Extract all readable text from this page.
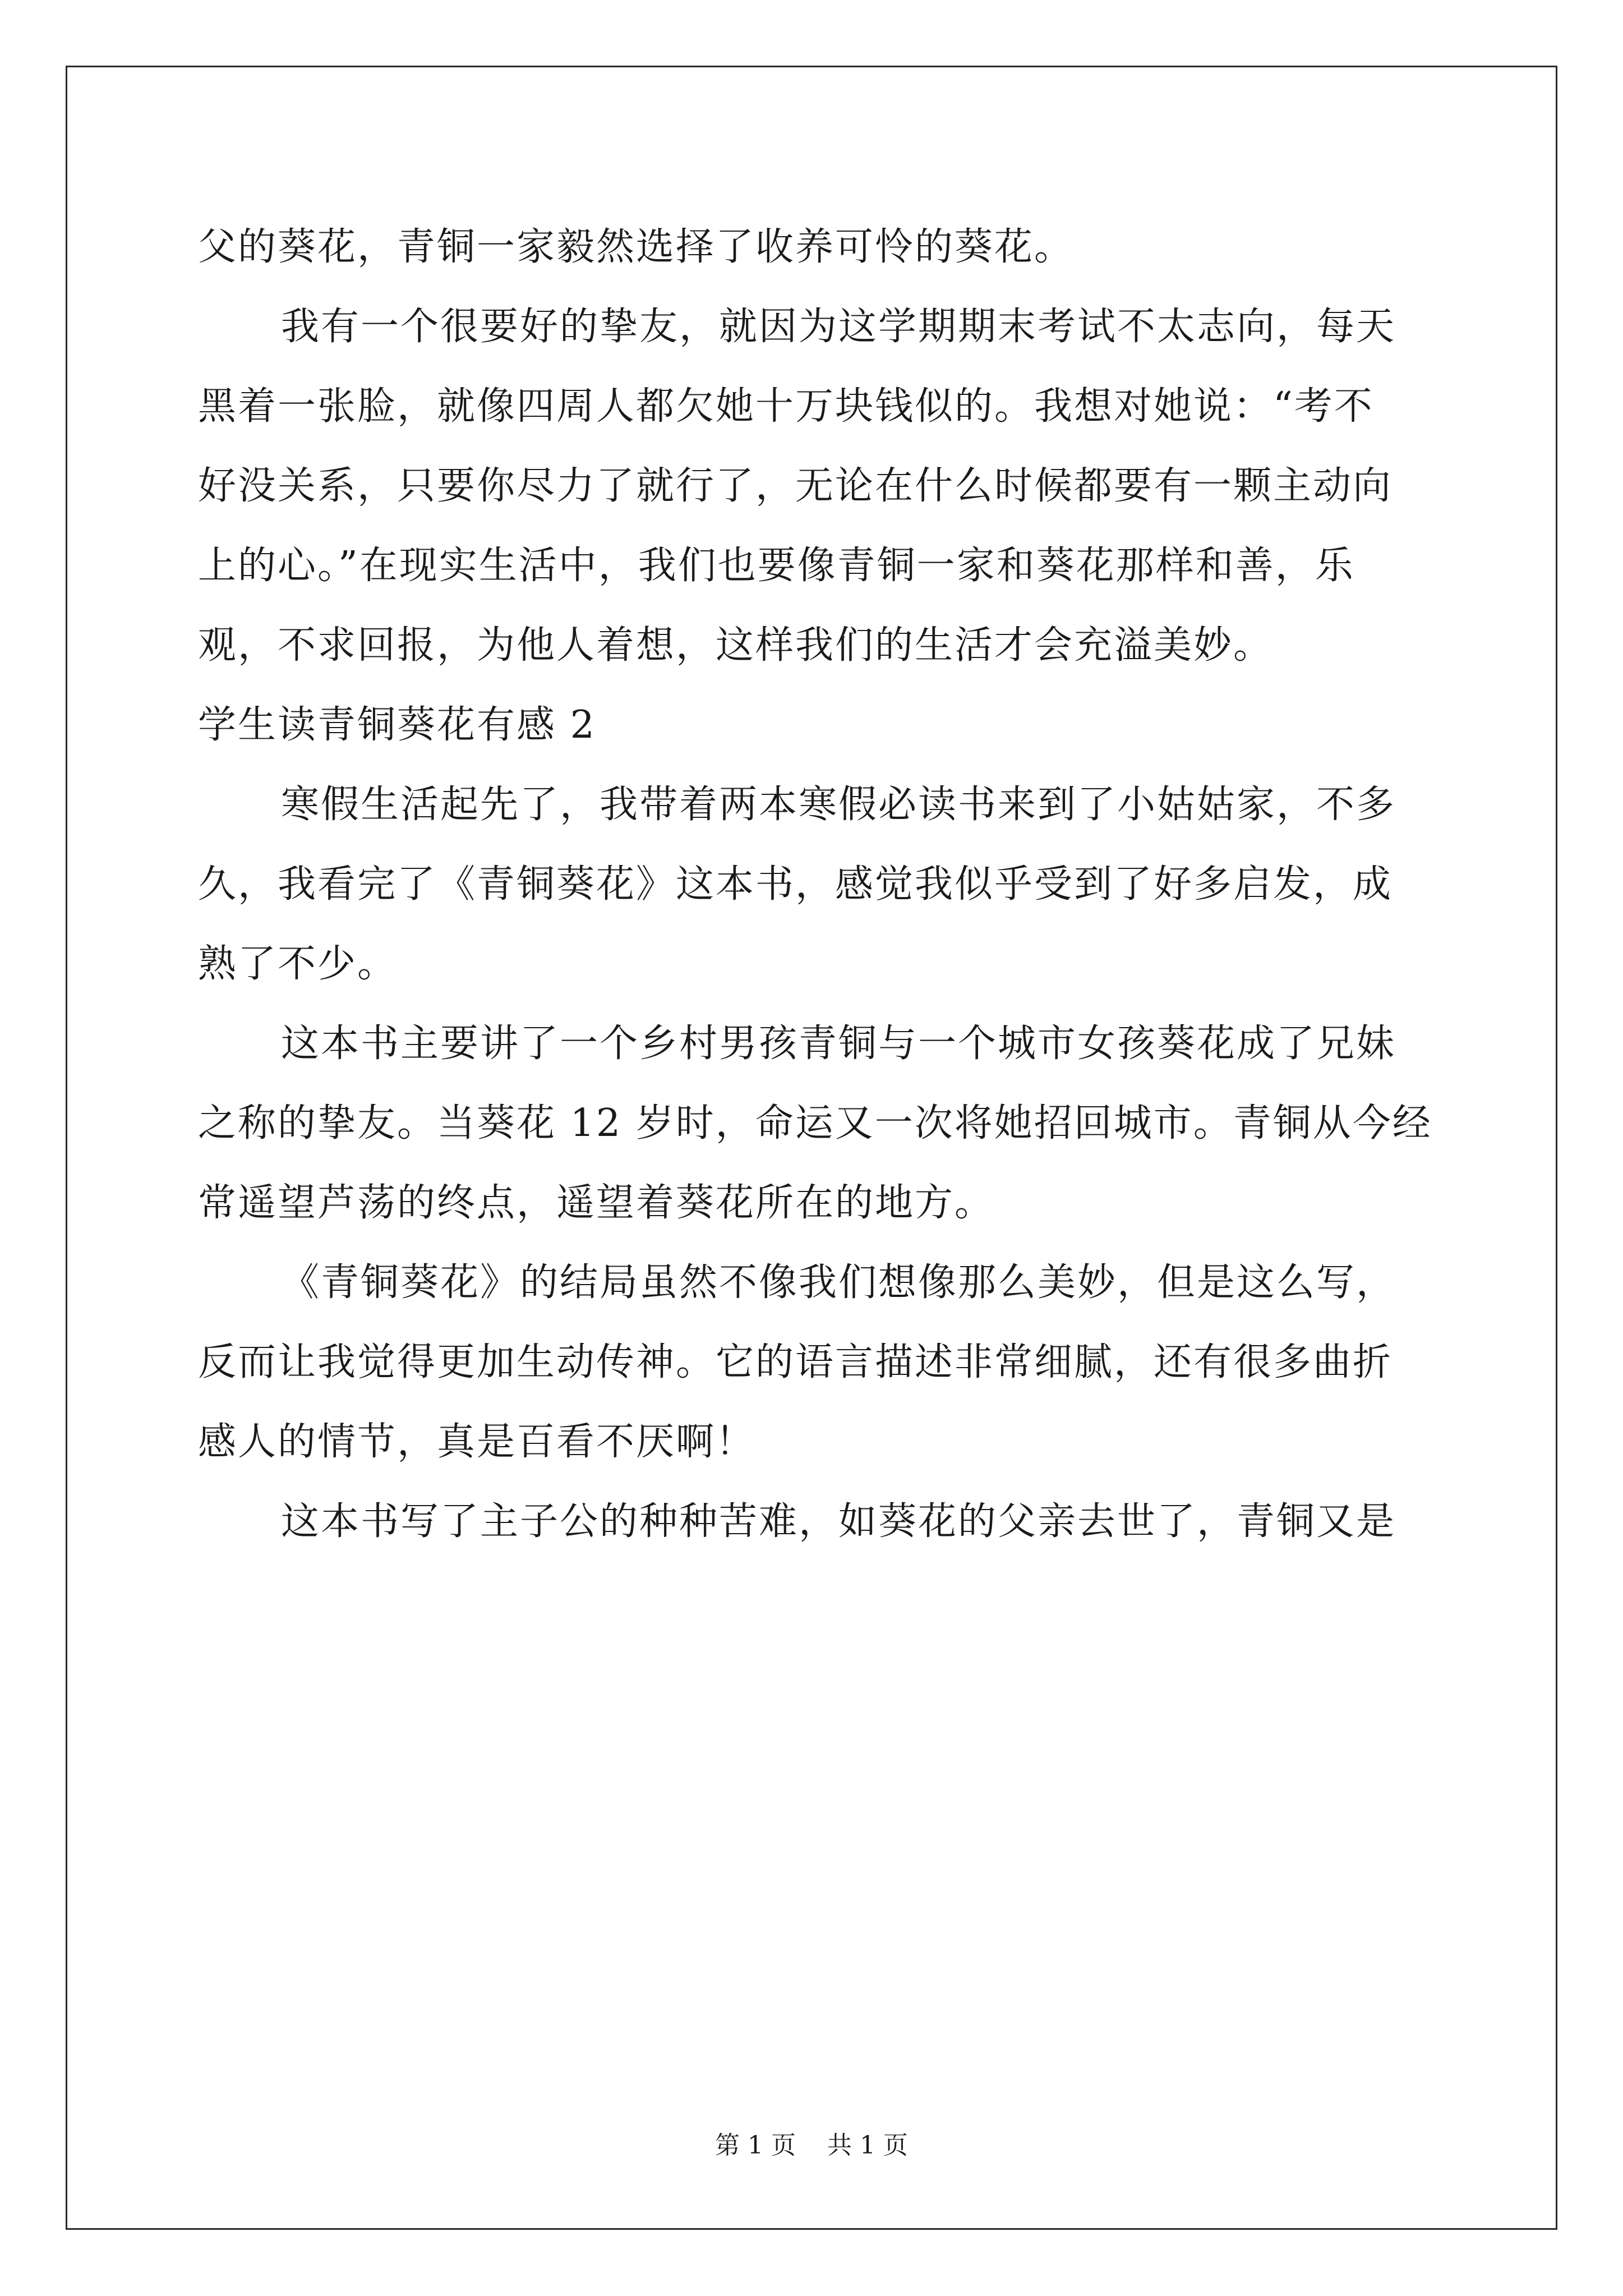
父的葵花，青铜一家毅然选择了收养可怜的葵花。
我有一个很要好的挚友，就因为这学期期末考试不太志向，每天
黑着一张脸，就像四周人都欠她十万块钱似的。我想对她说：“考不
好没关系，只要你尽力了就行了，无论在什么时候都要有一颗主动向
上的心。”在现实生活中，我们也要像青铜一家和葵花那样和善，乐
观，不求回报，为他人着想，这样我们的生活才会充溢美妙。
学生读青铜葵花有感 2
寒假生活起先了，我带着两本寒假必读书来到了小姑姑家，不多
久，我看完了《青铜葵花》这本书，感觉我似乎受到了好多启发，成
熟了不少。
这本书主要讲了一个乡村男孩青铜与一个城市女孩葵花成了兄妹
之称的挚友。当葵花 12 岁时，命运又一次将她招回城市。青铜从今经
常遥望芦荡的终点，遥望着葵花所在的地方。
《青铜葵花》的结局虽然不像我们想像那么美妙，但是这么写，
反而让我觉得更加生动传神。它的语言描述非常细腻，还有很多曲折
感人的情节，真是百看不厌啊！
这本书写了主子公的种种苦难，如葵花的父亲去世了，青铜又是
第 1 页    共 1 页
